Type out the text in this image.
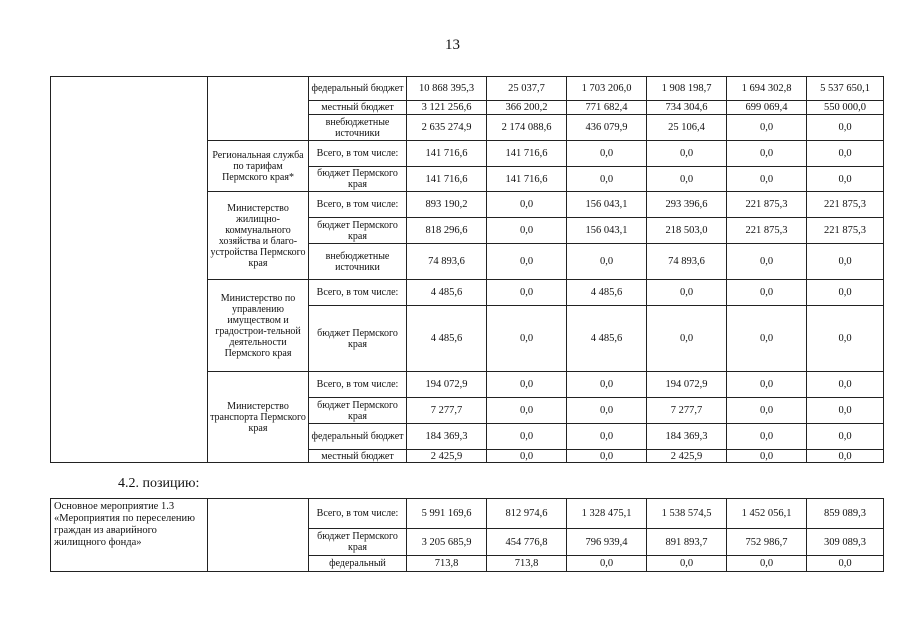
13
		федеральный бюджет	10 868 395,3	25 037,7	1 703 206,0	1 908 198,7	1 694 302,8	5 537 650,1
		местный бюджет	3 121 256,6	366 200,2	771 682,4	734 304,6	699 069,4	550 000,0
		внебюджетные источники	2 635 274,9	2 174 088,6	436 079,9	25 106,4	0,0	0,0
	Региональная служба по тарифам Пермского края*	Всего, в том числе:	141 716,6	141 716,6	0,0	0,0	0,0	0,0
		бюджет Пермского края	141 716,6	141 716,6	0,0	0,0	0,0	0,0
	Министерство жилищно-коммунального хозяйства и благо-устройства Пермского края	Всего, в том числе:	893 190,2	0,0	156 043,1	293 396,6	221 875,3	221 875,3
		бюджет Пермского края	818 296,6	0,0	156 043,1	218 503,0	221 875,3	221 875,3
		внебюджетные источники	74 893,6	0,0	0,0	74 893,6	0,0	0,0
	Министерство по управлению имуществом и градострои-тельной деятельности Пермского края	Всего, в том числе:	4 485,6	0,0	4 485,6	0,0	0,0	0,0
		бюджет Пермского края	4 485,6	0,0	4 485,6	0,0	0,0	0,0
	Министерство транспорта Пермского края	Всего, в том числе:	194 072,9	0,0	0,0	194 072,9	0,0	0,0
		бюджет Пермского края	7 277,7	0,0	0,0	7 277,7	0,0	0,0
		федеральный бюджет	184 369,3	0,0	0,0	184 369,3	0,0	0,0
		местный бюджет	2 425,9	0,0	0,0	2 425,9	0,0	0,0
4.2. позицию:
Основное мероприятие 1.3 «Мероприятия по переселению граждан из аварийного жилищного фонда»		Всего, в том числе:	5 991 169,6	812 974,6	1 328 475,1	1 538 574,5	1 452 056,1	859 089,3
		бюджет Пермского края	3 205 685,9	454 776,8	796 939,4	891 893,7	752 986,7	309 089,3
		федеральный	713,8	713,8	0,0	0,0	0,0	0,0
